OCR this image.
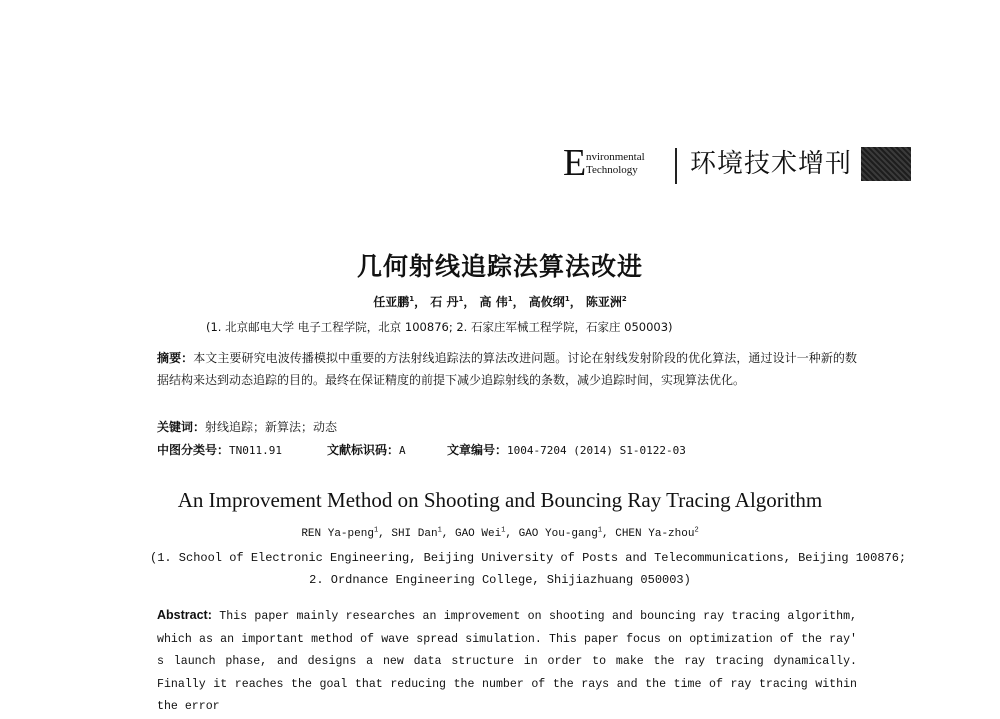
E nvironmental
Technology 环境技术增刊
几何射线追踪法算法改进
任亚鹏$^1$， 石 丹$^1$， 高 伟$^1$， 高攸纲$^1$， 陈亚洲$^2$
(1. 北京邮电大学 电子工程学院，北京 100876; 2. 石家庄军械工程学院，石家庄 050003)
摘要：本文主要研究电波传播模拟中重要的方法射线追踪法的算法改进问题。讨论在射线发射阶段的优化算法，通过设计一种新的数据结构来达到动态追踪的目的。最终在保证精度的前提下减少追踪射线的条数，减少追踪时间，实现算法优化。
关键词：射线追踪；新算法；动态
中图分类号：TN011.91	文献标识码：A	文章编号：1004-7204 (2014) S1-0122-03
An Improvement Method on Shooting and Bouncing Ray Tracing Algorithm
REN Ya-peng$^1$, SHI Dan$^1$, GAO Wei$^1$, GAO You-gang$^1$, CHEN Ya-zhou$^2$
(1. School of Electronic Engineering, Beijing University of Posts and Telecommunications, Beijing 100876;
2. Ordnance Engineering College, Shijiazhuang 050003)
Abstract: This paper mainly researches an improvement on shooting and bouncing ray tracing algorithm, which as an important method of wave spread simulation. This paper focus on optimization of the ray' s launch phase, and designs a new data structure in order to make the ray tracing dynamically. Finally it reaches the goal that reducing the number of the rays and the time of ray tracing within the error
